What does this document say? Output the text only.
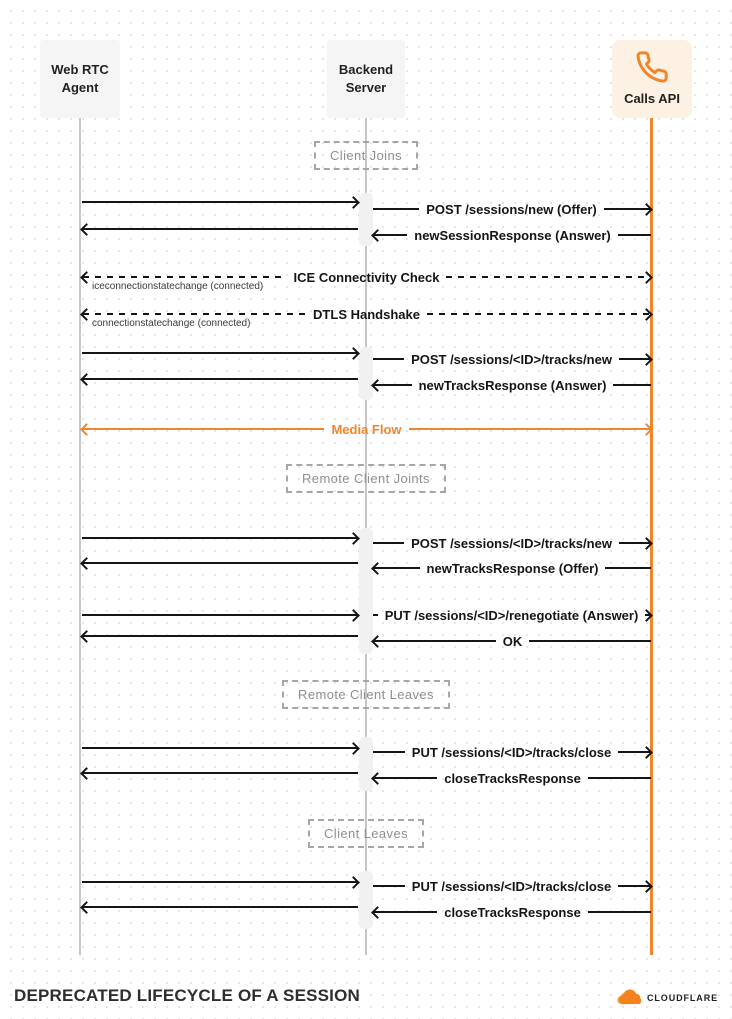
Web RTC Agent
Backend Server
Calls API
Client Joins
Remote Client Joints
Remote Client Leaves
Client Leaves
POST /sessions/new (Offer)
newSessionResponse (Answer)
ICE Connectivity Check
iceconnectionstatechange (connected)
DTLS Handshake
connectionstatechange (connected)
POST /sessions/<ID>/tracks/new
newTracksResponse (Answer)
Media Flow
POST /sessions/<ID>/tracks/new
newTracksResponse (Offer)
PUT /sessions/<ID>/renegotiate (Answer)
OK
PUT /sessions/<ID>/tracks/close
closeTracksResponse
PUT /sessions/<ID>/tracks/close
closeTracksResponse
DEPRECATED LIFECYCLE OF A SESSION	CLOUDFLARE
